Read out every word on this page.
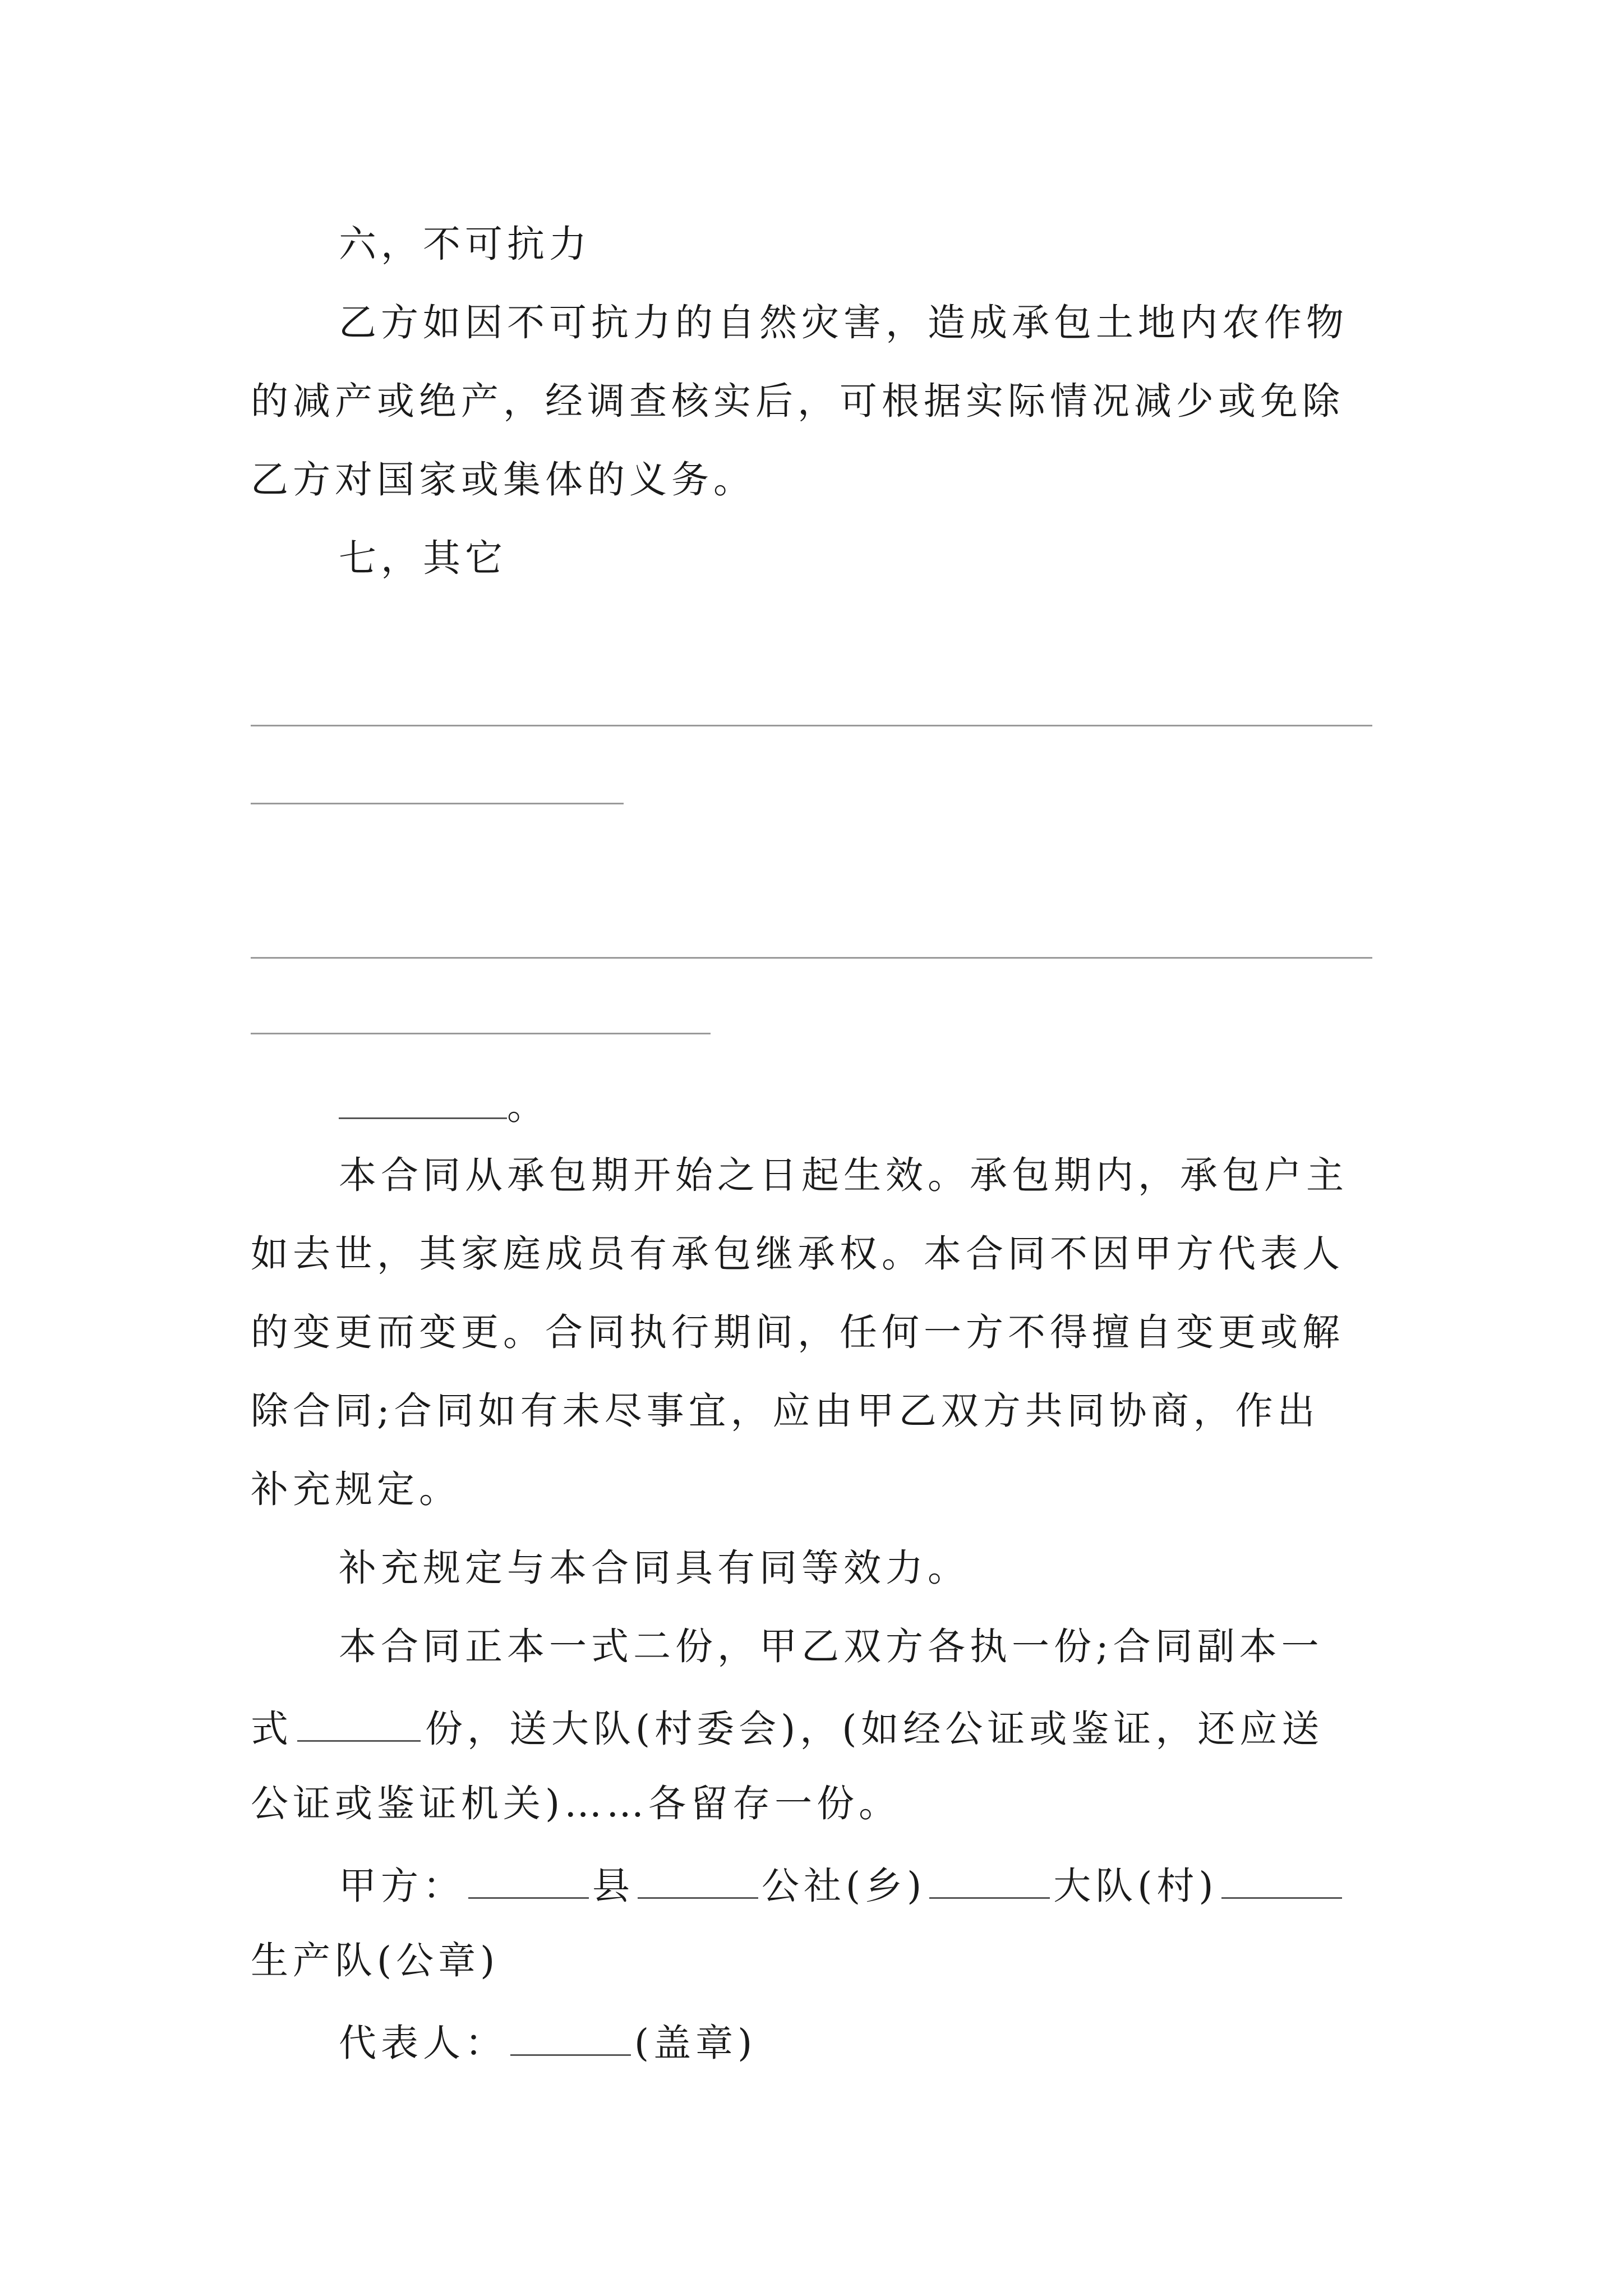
六，不可抗力
乙方如因不可抗力的自然灾害，造成承包土地内农作物
的减产或绝产，经调查核实后，可根据实际情况减少或免除
乙方对国家或集体的义务。
七，其它
。
本合同从承包期开始之日起生效。承包期内，承包户主
如去世，其家庭成员有承包继承权。本合同不因甲方代表人
的变更而变更。合同执行期间，任何一方不得擅自变更或解
除合同;合同如有未尽事宜，应由甲乙双方共同协商，作出
补充规定。
补充规定与本合同具有同等效力。
本合同正本一式二份，甲乙双方各执一份;合同副本一
式	份，送大队(村委会)，(如经公证或鉴证，还应送
公证或鉴证机关)……各留存一份。
甲方：	县	公社(乡)	大队(村)
生产队(公章)
代表人：	(盖章)
